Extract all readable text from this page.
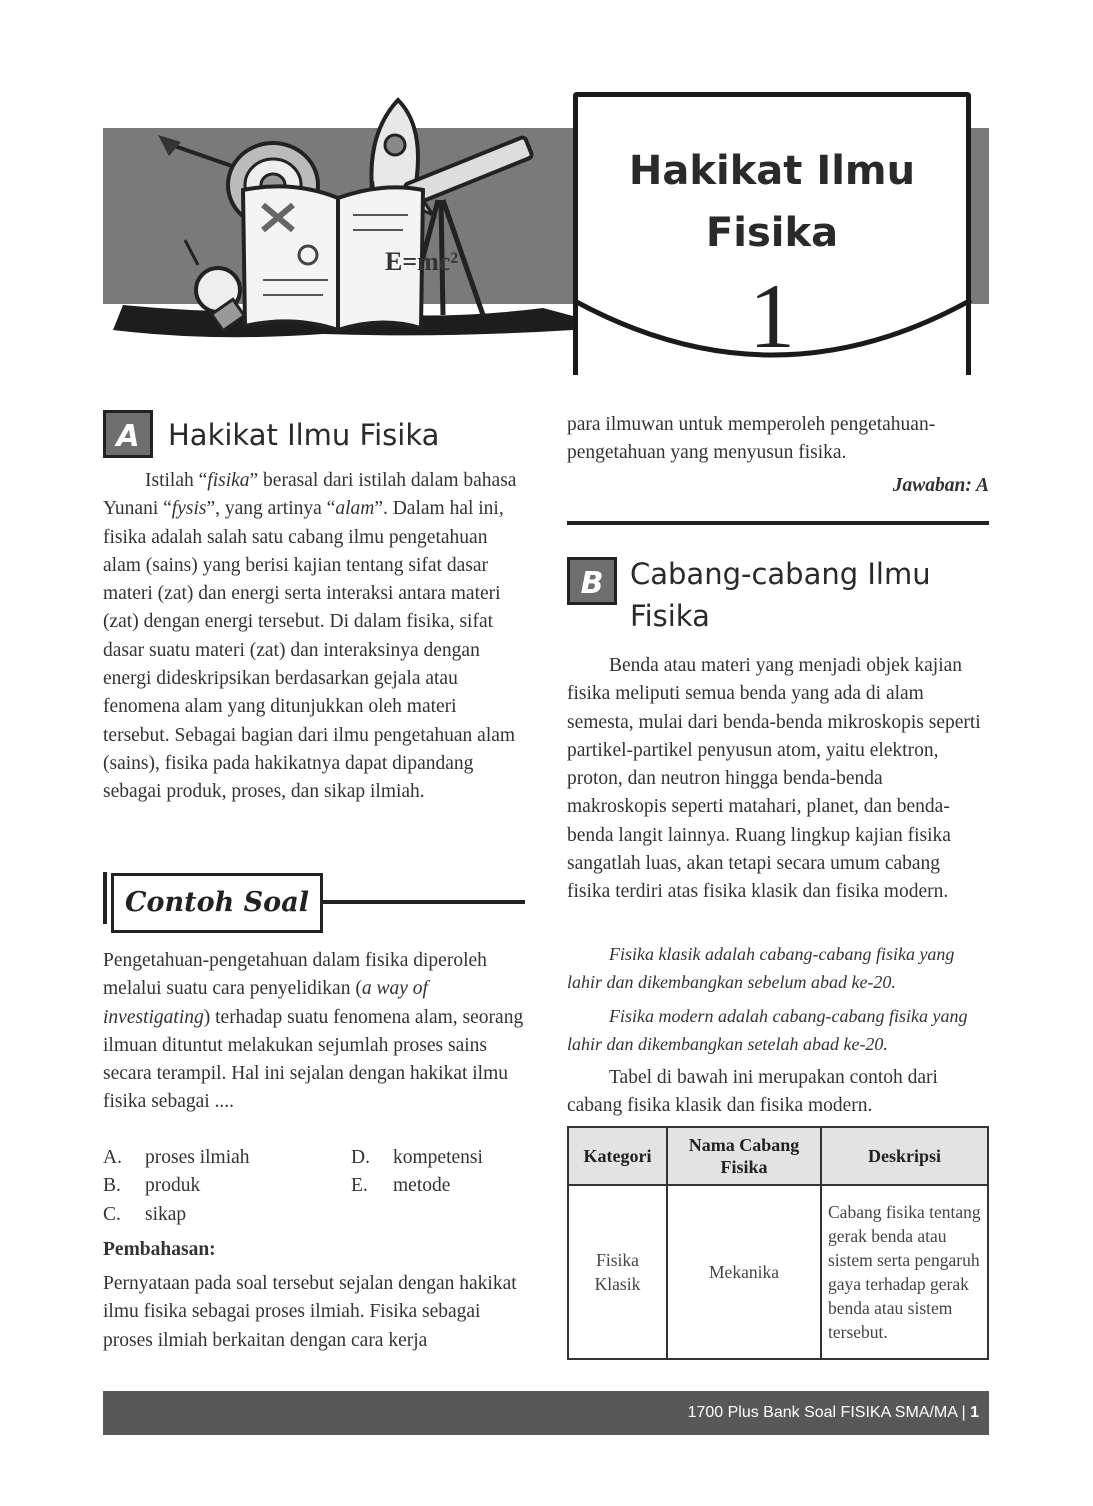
E=mc²
Hakikat Ilmu
Fisika
1
A Hakikat Ilmu Fisika
Istilah “fisika” berasal dari istilah dalam bahasa Yunani “fysis”, yang artinya “alam”. Dalam hal ini, fisika adalah salah satu cabang ilmu pengetahuan alam (sains) yang berisi kajian tentang sifat dasar materi (zat) dan energi serta interaksi antara materi (zat) dengan energi tersebut. Di dalam fisika, sifat dasar suatu materi (zat) dan interaksinya dengan energi dideskripsikan berdasarkan gejala atau fenomena alam yang ditunjukkan oleh materi tersebut. Sebagai bagian dari ilmu pengetahuan alam (sains), fisika pada hakikatnya dapat dipandang sebagai produk, proses, dan sikap ilmiah.
Contoh Soal
Pengetahuan-pengetahuan dalam fisika diperoleh melalui suatu cara penyelidikan (a way of investigating) terhadap suatu fenomena alam, seorang ilmuan dituntut melakukan sejumlah proses sains secara terampil. Hal ini sejalan dengan hakikat ilmu fisika sebagai ....
A. proses ilmiah	D. kompetensi
B. produk	E. metode
C. sikap
Pembahasan:
Pernyataan pada soal tersebut sejalan dengan hakikat ilmu fisika sebagai proses ilmiah. Fisika sebagai proses ilmiah berkaitan dengan cara kerja
para ilmuwan untuk memperoleh pengetahuan-pengetahuan yang menyusun fisika.
Jawaban: A
B Cabang-cabang Ilmu
Fisika
Benda atau materi yang menjadi objek kajian fisika meliputi semua benda yang ada di alam semesta, mulai dari benda-benda mikroskopis seperti partikel-partikel penyusun atom, yaitu elektron, proton, dan neutron hingga benda-benda makroskopis seperti matahari, planet, dan benda-benda langit lainnya. Ruang lingkup kajian fisika sangatlah luas, akan tetapi secara umum cabang fisika terdiri atas fisika klasik dan fisika modern.
Fisika klasik adalah cabang-cabang fisika yang lahir dan dikembangkan sebelum abad ke-20.
Fisika modern adalah cabang-cabang fisika yang lahir dan dikembangkan setelah abad ke-20.
Tabel di bawah ini merupakan contoh dari cabang fisika klasik dan fisika modern.
Kategori	Nama Cabang Fisika	Deskripsi
Fisika Klasik	Mekanika	Cabang fisika tentang gerak benda atau sistem serta pengaruh gaya terhadap gerak benda atau sistem tersebut.
1700 Plus Bank Soal FISIKA SMA/MA | 1
